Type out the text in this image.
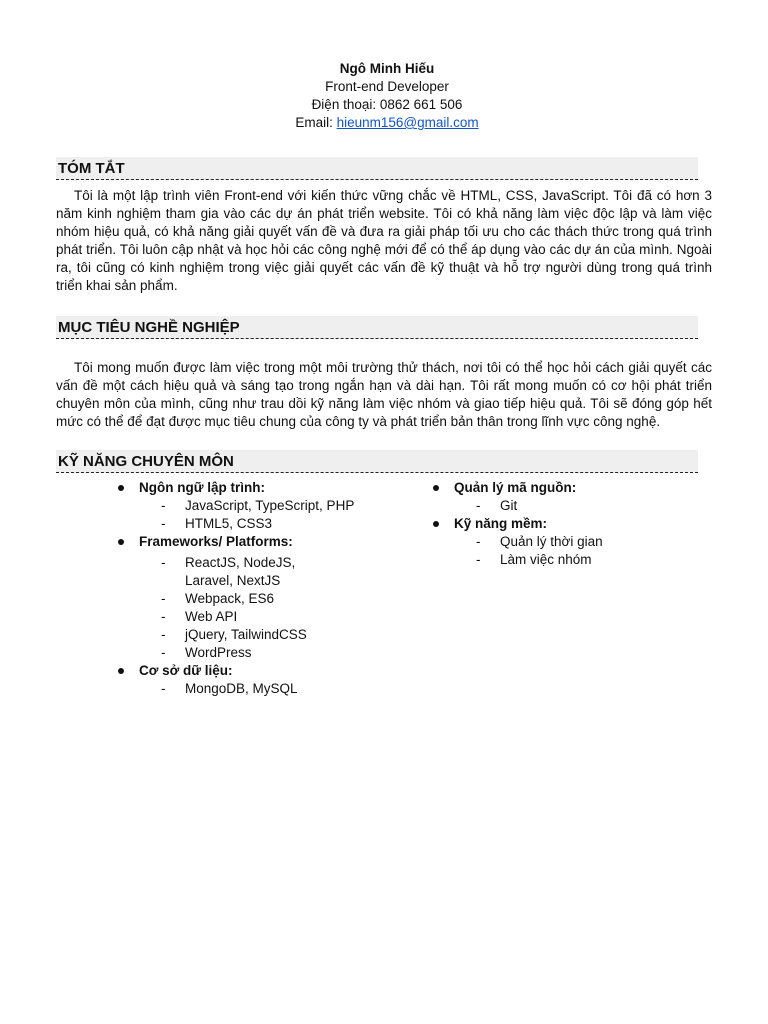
Ngô Minh Hiếu
Front-end Developer
Điện thoại: 0862 661 506
Email: hieunm156@gmail.com
TÓM TẮT

Tôi là một lập trình viên Front-end với kiến thức vững chắc về HTML, CSS, JavaScript. Tôi đã có hơn 3 năm kinh nghiệm tham gia vào các dự án phát triển website. Tôi có khả năng làm việc độc lập và làm việc nhóm hiệu quả, có khả năng giải quyết vấn đề và đưa ra giải pháp tối ưu cho các thách thức trong quá trình phát triển. Tôi luôn cập nhật và học hỏi các công nghệ mới để có thể áp dụng vào các dự án của mình. Ngoài ra, tôi cũng có kinh nghiệm trong việc giải quyết các vấn đề kỹ thuật và hỗ trợ người dùng trong quá trình triển khai sản phẩm.

MỤC TIÊU NGHỀ NGHIỆP

Tôi mong muốn được làm việc trong một môi trường thử thách, nơi tôi có thể học hỏi cách giải quyết các vấn đề một cách hiệu quả và sáng tạo trong ngắn hạn và dài hạn. Tôi rất mong muốn có cơ hội phát triển chuyên môn của mình, cũng như trau dồi kỹ năng làm việc nhóm và giao tiếp hiệu quả. Tôi sẽ đóng góp hết mức có thể để đạt được mục tiêu chung của công ty và phát triển bản thân trong lĩnh vực công nghệ.

KỸ NĂNG CHUYÊN MÔN
Ngôn ngữ lập trình:
- JavaScript, TypeScript, PHP
- HTML5, CSS3
Frameworks/ Platforms:
- ReactJS, NodeJS, Laravel, NextJS
- Webpack, ES6
- Web API
- jQuery, TailwindCSS
- WordPress
Cơ sở dữ liệu:
- MongoDB, MySQL
Quản lý mã nguồn:
- Git
Kỹ năng mềm:
- Quản lý thời gian
- Làm việc nhóm
